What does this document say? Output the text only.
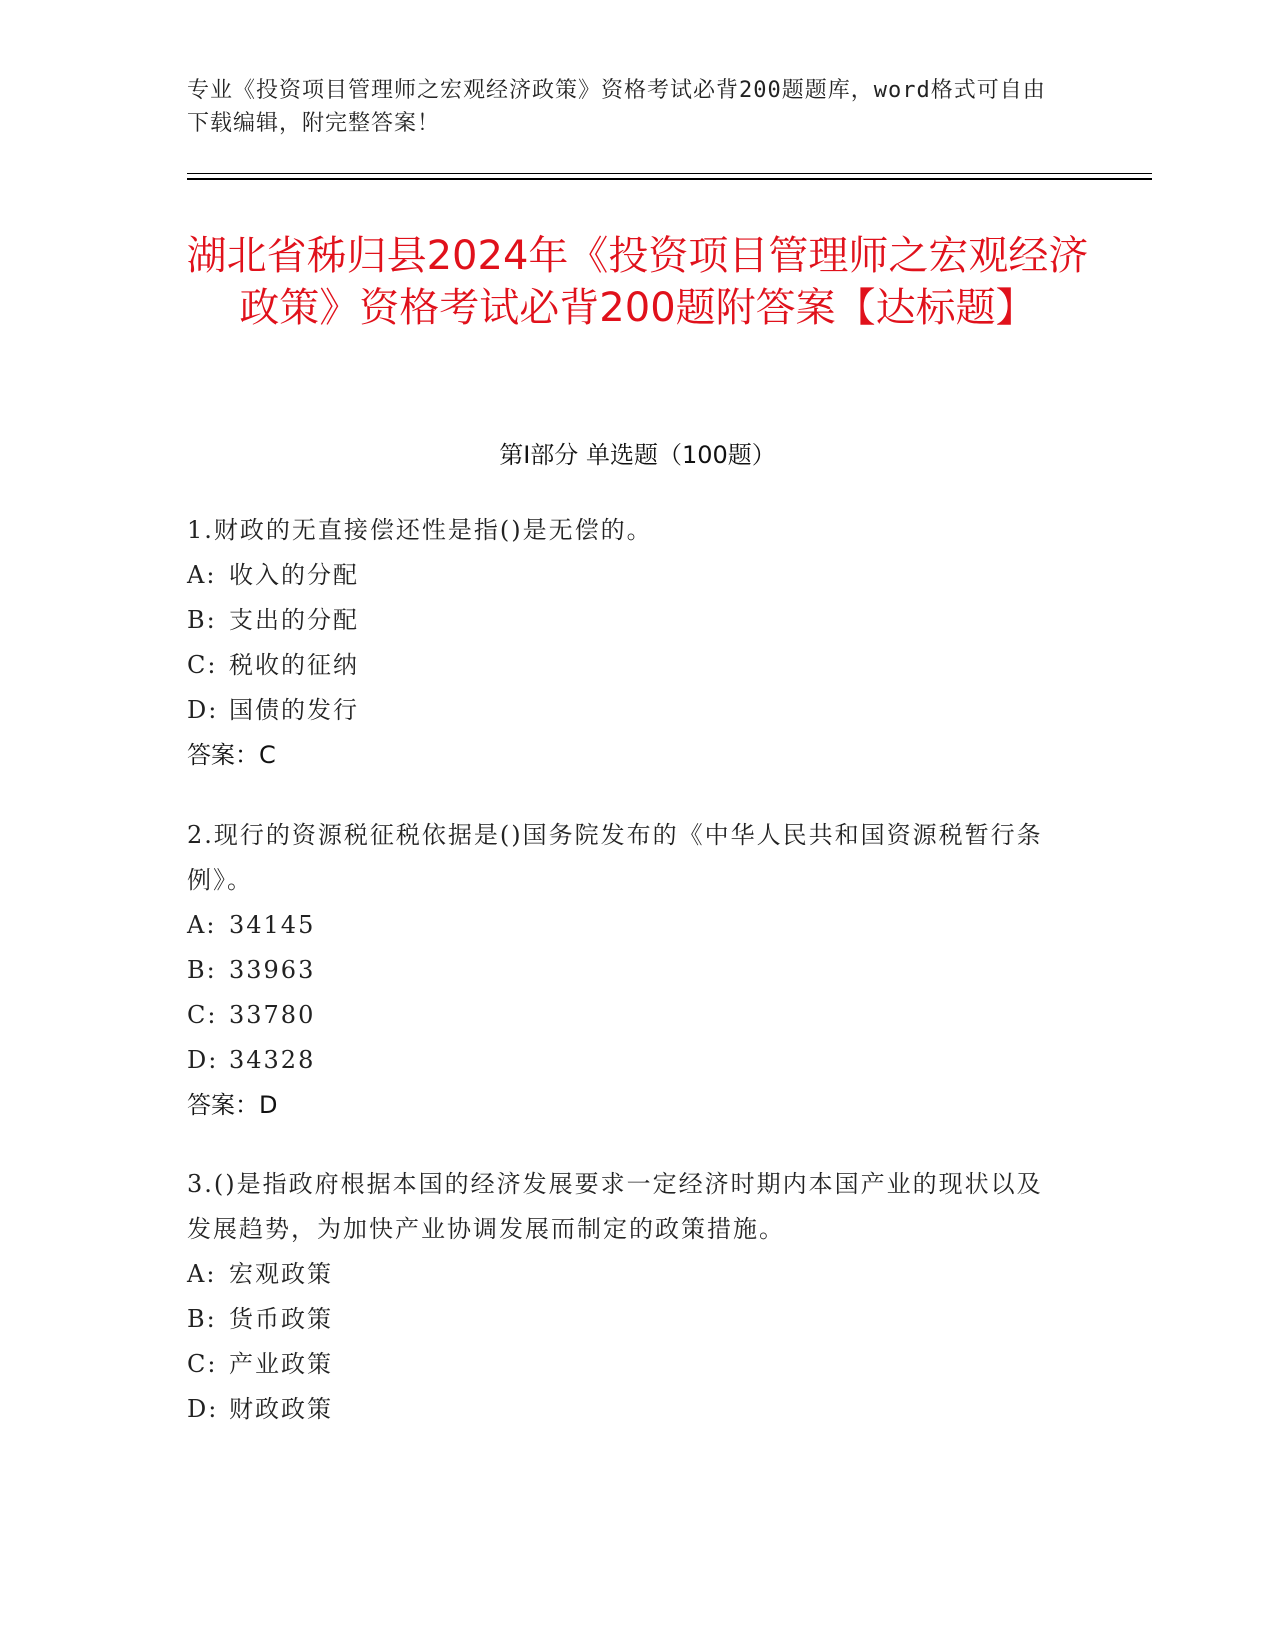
专业《投资项目管理师之宏观经济政策》资格考试必背200题题库，word格式可自由下载编辑，附完整答案！
湖北省秭归县2024年《投资项目管理师之宏观经济政策》资格考试必背200题附答案【达标题】
第I部分 单选题（100题）
1.财政的无直接偿还性是指()是无偿的。
A: 收入的分配
B: 支出的分配
C: 税收的征纳
D: 国债的发行
答案：C
2.现行的资源税征税依据是()国务院发布的《中华人民共和国资源税暂行条例》。
A: 34145
B: 33963
C: 33780
D: 34328
答案：D
3.()是指政府根据本国的经济发展要求一定经济时期内本国产业的现状以及发展趋势，为加快产业协调发展而制定的政策措施。
A: 宏观政策
B: 货币政策
C: 产业政策
D: 财政政策
